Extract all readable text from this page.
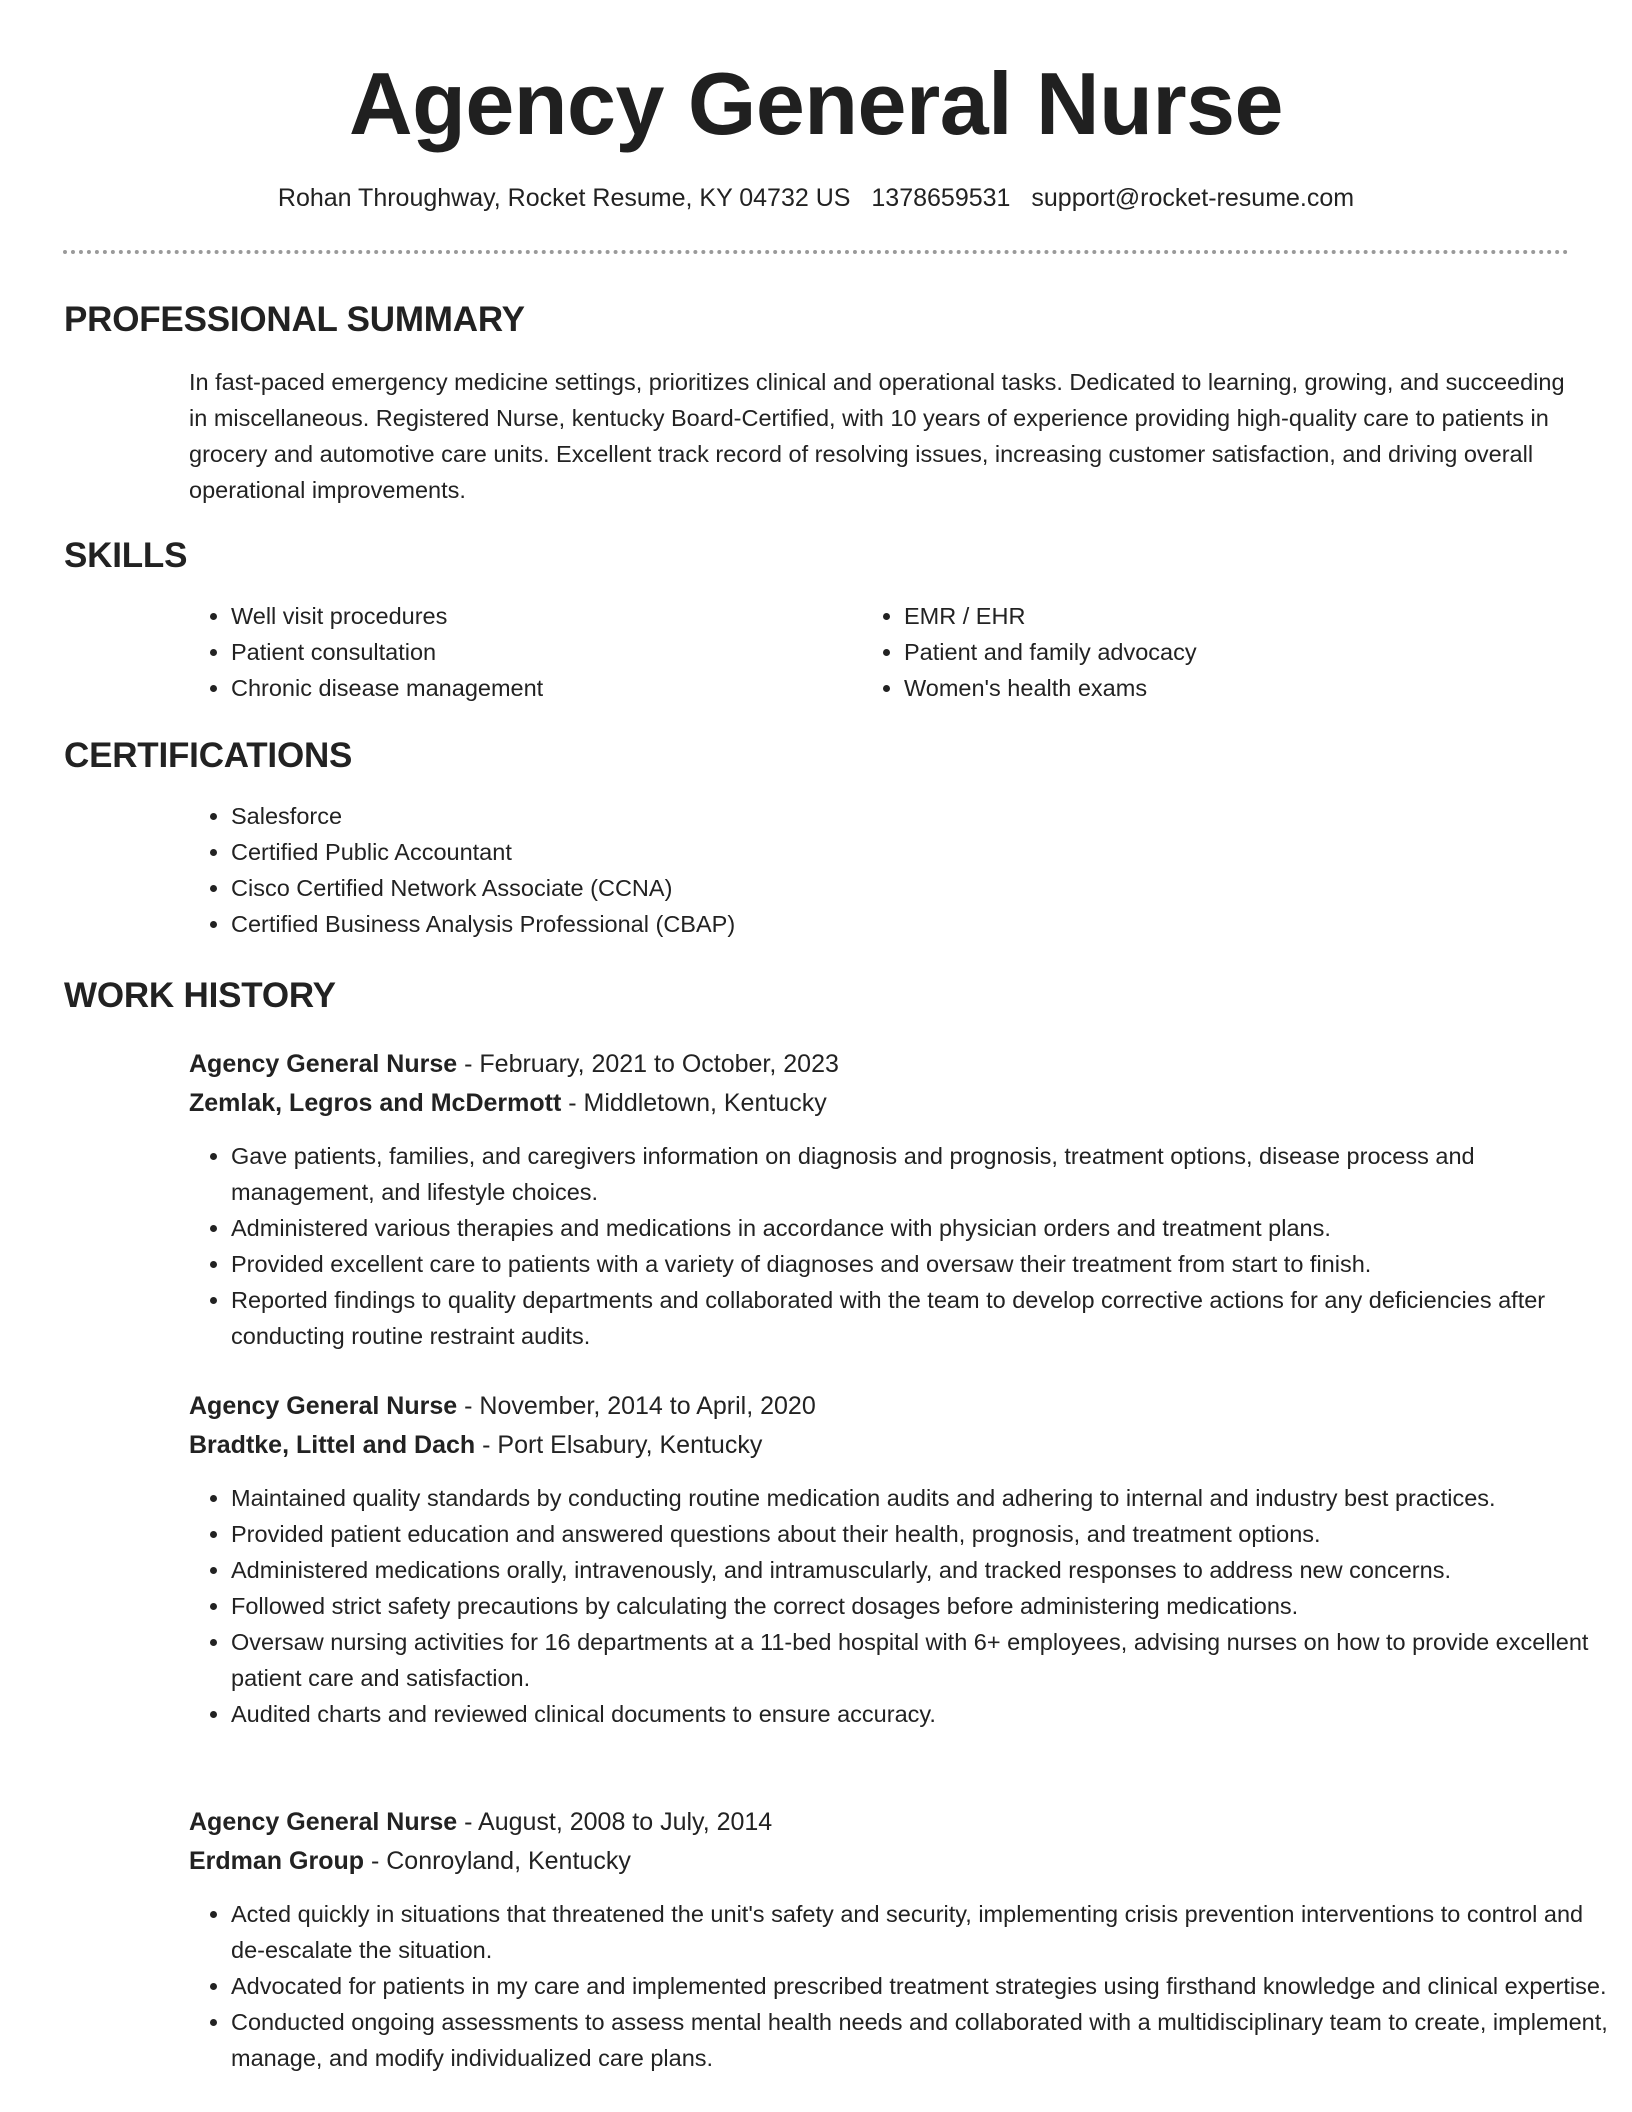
Agency General Nurse
Rohan Throughway, Rocket Resume, KY 04732 US 1378659531 support@rocket-resume.com
PROFESSIONAL SUMMARY

In fast-paced emergency medicine settings, prioritizes clinical and operational tasks. Dedicated to learning, growing, and succeeding in miscellaneous. Registered Nurse, kentucky Board-Certified, with 10 years of experience providing high-quality care to patients in grocery and automotive care units. Excellent track record of resolving issues, increasing customer satisfaction, and driving overall operational improvements.

SKILLS
• Well visit procedures
• Patient consultation
• Chronic disease management
• EMR / EHR
• Patient and family advocacy
• Women's health exams
CERTIFICATIONS
• Salesforce
• Certified Public Accountant
• Cisco Certified Network Associate (CCNA)
• Certified Business Analysis Professional (CBAP)
WORK HISTORY
Agency General Nurse - February, 2021 to October, 2023
Zemlak, Legros and McDermott - Middletown, Kentucky
• Gave patients, families, and caregivers information on diagnosis and prognosis, treatment options, disease process and management, and lifestyle choices.
• Administered various therapies and medications in accordance with physician orders and treatment plans.
• Provided excellent care to patients with a variety of diagnoses and oversaw their treatment from start to finish.
• Reported findings to quality departments and collaborated with the team to develop corrective actions for any deficiencies after conducting routine restraint audits.
Agency General Nurse - November, 2014 to April, 2020
Bradtke, Littel and Dach - Port Elsabury, Kentucky
• Maintained quality standards by conducting routine medication audits and adhering to internal and industry best practices.
• Provided patient education and answered questions about their health, prognosis, and treatment options.
• Administered medications orally, intravenously, and intramuscularly, and tracked responses to address new concerns.
• Followed strict safety precautions by calculating the correct dosages before administering medications.
• Oversaw nursing activities for 16 departments at a 11-bed hospital with 6+ employees, advising nurses on how to provide excellent patient care and satisfaction.
• Audited charts and reviewed clinical documents to ensure accuracy.
Agency General Nurse - August, 2008 to July, 2014
Erdman Group - Conroyland, Kentucky
• Acted quickly in situations that threatened the unit's safety and security, implementing crisis prevention interventions to control and de-escalate the situation.
• Advocated for patients in my care and implemented prescribed treatment strategies using firsthand knowledge and clinical expertise.
• Conducted ongoing assessments to assess mental health needs and collaborated with a multidisciplinary team to create, implement, manage, and modify individualized care plans.
